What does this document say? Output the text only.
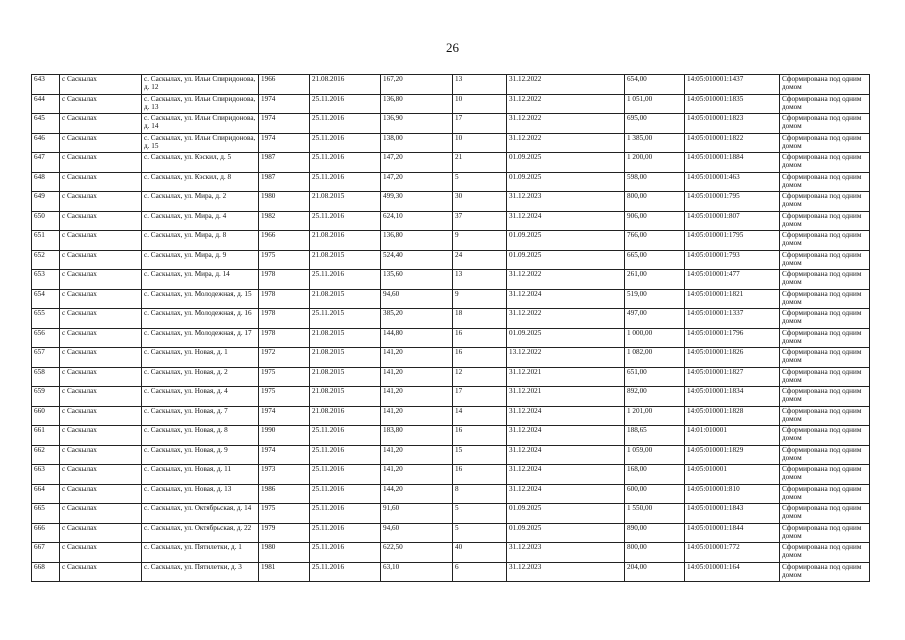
26
643	с Саскылах	с. Саскылах, ул. Ильи Спиридонова, д. 12	1966	21.08.2016	167,20	13	31.12.2022	654,00	14:05:010001:1437	Сформирована под одним домом
644	с Саскылах	с. Саскылах, ул. Ильи Спиридонова, д. 13	1974	25.11.2016	136,80	10	31.12.2022	1 051,00	14:05:010001:1835	Сформирована под одним домом
645	с Саскылах	с. Саскылах, ул. Ильи Спиридонова, д. 14	1974	25.11.2016	136,90	17	31.12.2022	695,00	14:05:010001:1823	Сформирована под одним домом
646	с Саскылах	с. Саскылах, ул. Ильи Спиридонова, д. 15	1974	25.11.2016	138,00	10	31.12.2022	1 385,00	14:05:010001:1822	Сформирована под одним домом
647	с Саскылах	с. Саскылах, ул. Кэскил, д. 5	1987	25.11.2016	147,20	21	01.09.2025	1 200,00	14:05:010001:1884	Сформирована под одним домом
648	с Саскылах	с. Саскылах, ул. Кэскил, д. 8	1987	25.11.2016	147,20	5	01.09.2025	598,00	14:05:010001:463	Сформирована под одним домом
649	с Саскылах	с. Саскылах, ул. Мира, д. 2	1980	21.08.2015	499,30	30	31.12.2023	800,00	14:05:010001:795	Сформирована под одним домом
650	с Саскылах	с. Саскылах, ул. Мира, д. 4	1982	25.11.2016	624,10	37	31.12.2024	906,00	14:05:010001:807	Сформирована под одним домом
651	с Саскылах	с. Саскылах, ул. Мира, д. 8	1966	21.08.2016	136,80	9	01.09.2025	766,00	14:05:010001:1795	Сформирована под одним домом
652	с Саскылах	с. Саскылах, ул. Мира, д. 9	1975	21.08.2015	524,40	24	01.09.2025	665,00	14:05:010001:793	Сформирована под одним домом
653	с Саскылах	с. Саскылах, ул. Мира, д. 14	1978	25.11.2016	135,60	13	31.12.2022	261,00	14:05:010001:477	Сформирована под одним домом
654	с Саскылах	с. Саскылах, ул. Молодежная, д. 15	1978	21.08.2015	94,60	9	31.12.2024	519,00	14:05:010001:1821	Сформирована под одним домом
655	с Саскылах	с. Саскылах, ул. Молодежная, д. 16	1978	25.11.2015	385,20	18	31.12.2022	497,00	14:05:010001:1337	Сформирована под одним домом
656	с Саскылах	с. Саскылах, ул. Молодежная, д. 17	1978	21.08.2015	144,80	16	01.09.2025	1 000,00	14:05:010001:1796	Сформирована под одним домом
657	с Саскылах	с. Саскылах, ул. Новая, д. 1	1972	21.08.2015	141,20	16	13.12.2022	1 082,00	14:05:010001:1826	Сформирована под одним домом
658	с Саскылах	с. Саскылах, ул. Новая, д. 2	1975	21.08.2015	141,20	12	31.12.2021	651,00	14:05:010001:1827	Сформирована под одним домом
659	с Саскылах	с. Саскылах, ул. Новая, д. 4	1975	21.08.2015	141,20	17	31.12.2021	892,00	14:05:010001:1834	Сформирована под одним домом
660	с Саскылах	с. Саскылах, ул. Новая, д. 7	1974	21.08.2016	141,20	14	31.12.2024	1 201,00	14:05:010001:1828	Сформирована под одним домом
661	с Саскылах	с. Саскылах, ул. Новая, д. 8	1990	25.11.2016	183,80	16	31.12.2024	188,65	14:01:010001	Сформирована под одним домом
662	с Саскылах	с. Саскылах, ул. Новая, д. 9	1974	25.11.2016	141,20	15	31.12.2024	1 059,00	14:05:010001:1829	Сформирована под одним домом
663	с Саскылах	с. Саскылах, ул. Новая, д. 11	1973	25.11.2016	141,20	16	31.12.2024	168,00	14:05:010001	Сформирована под одним домом
664	с Саскылах	с. Саскылах, ул. Новая, д. 13	1986	25.11.2016	144,20	8	31.12.2024	600,00	14:05:010001:810	Сформирована под одним домом
665	с Саскылах	с. Саскылах, ул. Октябрьская, д. 14	1975	25.11.2016	91,60	5	01.09.2025	1 550,00	14:05:010001:1843	Сформирована под одним домом
666	с Саскылах	с. Саскылах, ул. Октябрьская, д. 22	1979	25.11.2016	94,60	5	01.09.2025	890,00	14:05:010001:1844	Сформирована под одним домом
667	с Саскылах	с. Саскылах, ул. Пятилетки, д. 1	1980	25.11.2016	622,50	40	31.12.2023	800,00	14:05:010001:772	Сформирована под одним домом
668	с Саскылах	с. Саскылах, ул. Пятилетки, д. 3	1981	25.11.2016	63,10	6	31.12.2023	204,00	14:05:010001:164	Сформирована под одним домом
